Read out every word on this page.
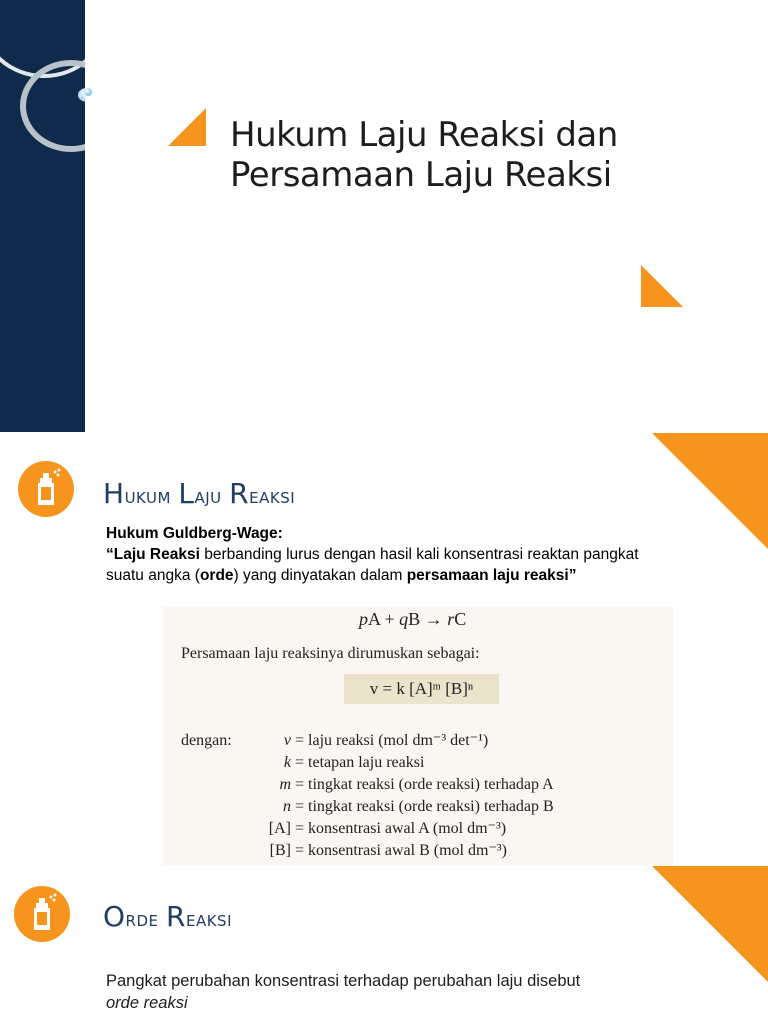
Hukum Laju Reaksi dan Persamaan Laju Reaksi
Hukum Laju Reaksi
Hukum Guldberg-Wage:
“Laju Reaksi berbanding lurus dengan hasil kali konsentrasi reaktan pangkat suatu angka (orde) yang dinyatakan dalam persamaan laju reaksi”
pA + qB → rC
Persamaan laju reaksinya dirumuskan sebagai:
v = k [A]ᵐ [B]ⁿ
dengan:	v = laju reaksi (mol dm⁻³ det⁻¹)
k = tetapan laju reaksi
m = tingkat reaksi (orde reaksi) terhadap A
n = tingkat reaksi (orde reaksi) terhadap B
[A] = konsentrasi awal A (mol dm⁻³)
[B] = konsentrasi awal B (mol dm⁻³)
Orde Reaksi
Pangkat perubahan konsentrasi terhadap perubahan laju disebut orde reaksi
